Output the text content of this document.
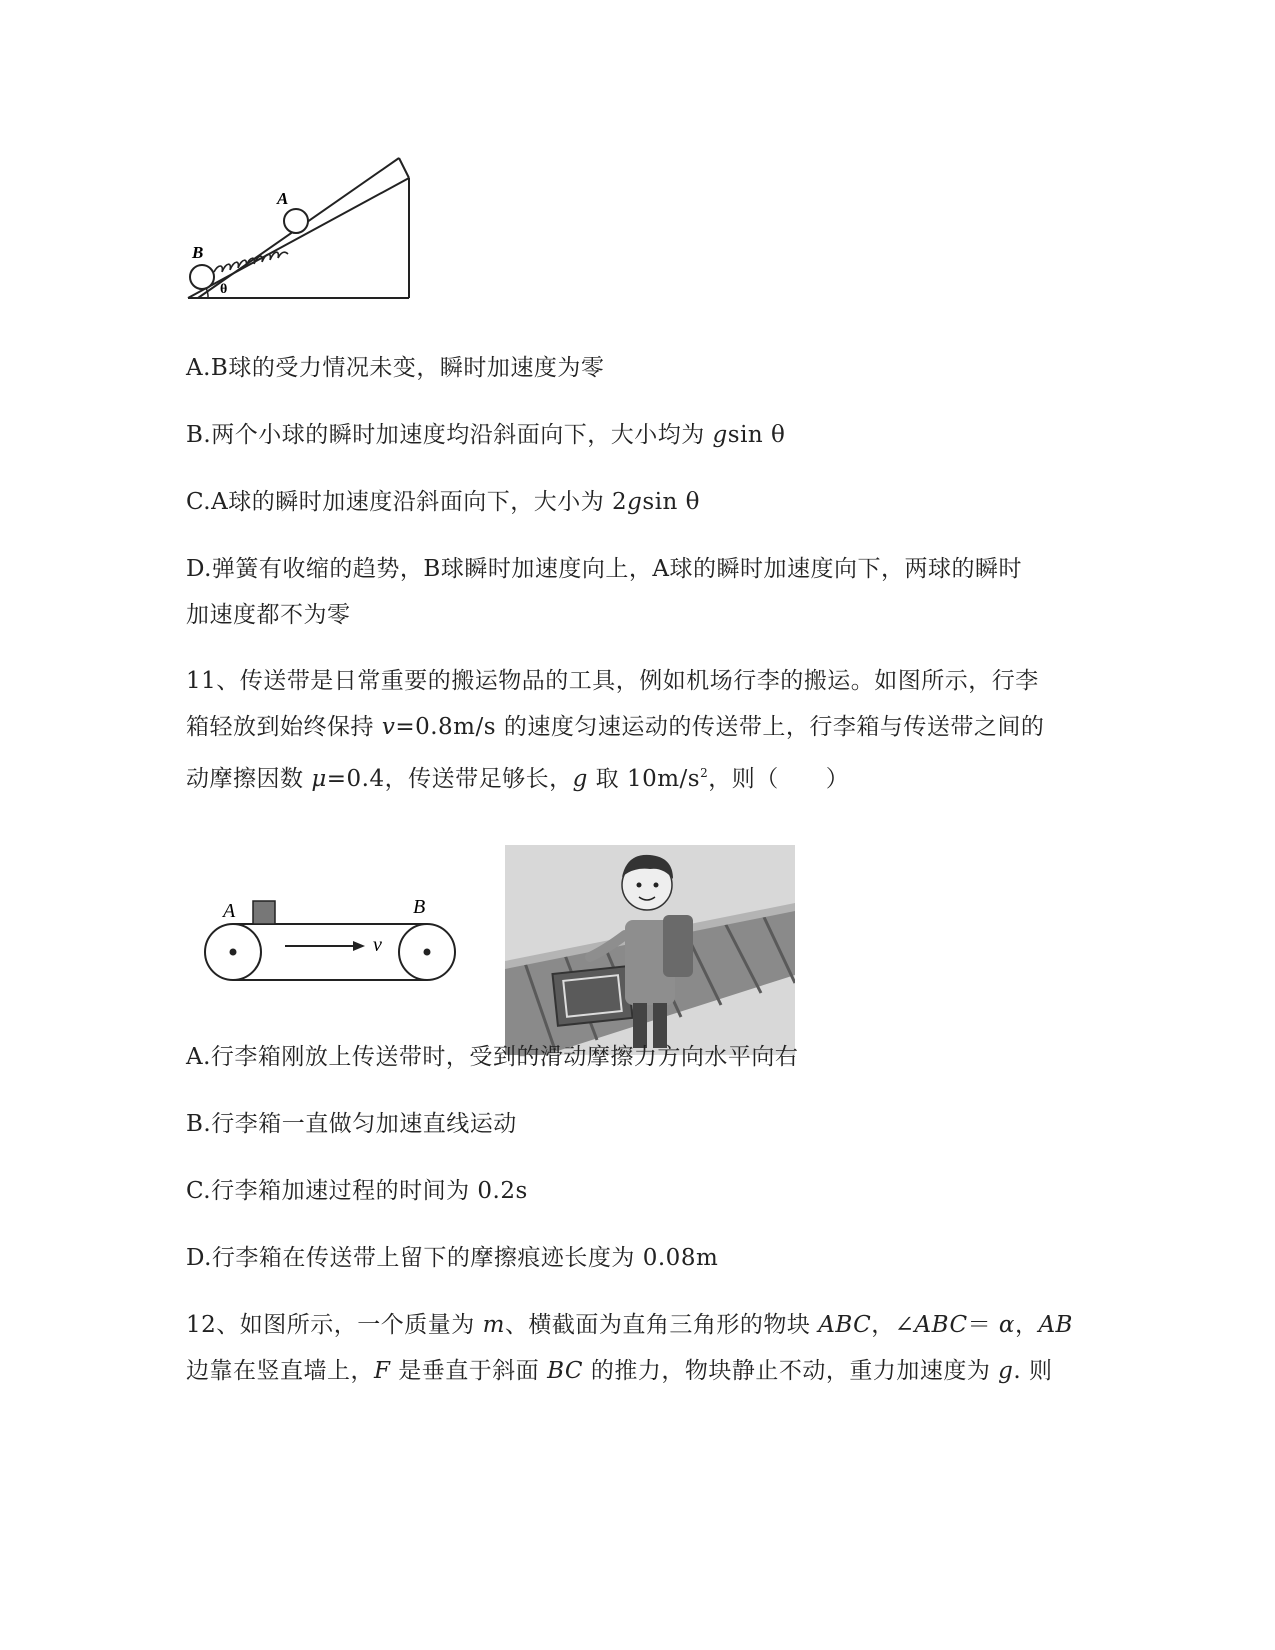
A
B
θ
A.B球的受力情况未变，瞬时加速度为零
B.两个小球的瞬时加速度均沿斜面向下，大小均为 gsin θ
C.A球的瞬时加速度沿斜面向下，大小为 2gsin θ
D.弹簧有收缩的趋势，B球瞬时加速度向上，A球的瞬时加速度向下，两球的瞬时
加速度都不为零
11、传送带是日常重要的搬运物品的工具，例如机场行李的搬运。如图所示，行李
箱轻放到始终保持 v=0.8m/s 的速度匀速运动的传送带上，行李箱与传送带之间的
动摩擦因数 μ=0.4，传送带足够长，g 取 $10m/s^2$，则（　　）
A	B
v
A.行李箱刚放上传送带时，受到的滑动摩擦力方向水平向右
B.行李箱一直做匀加速直线运动
C.行李箱加速过程的时间为 0.2s
D.行李箱在传送带上留下的摩擦痕迹长度为 0.08m
12、如图所示，一个质量为 m、横截面为直角三角形的物块 ABC，∠ABC＝ α，AB
边靠在竖直墙上，F 是垂直于斜面 BC 的推力，物块静止不动，重力加速度为 g. 则
